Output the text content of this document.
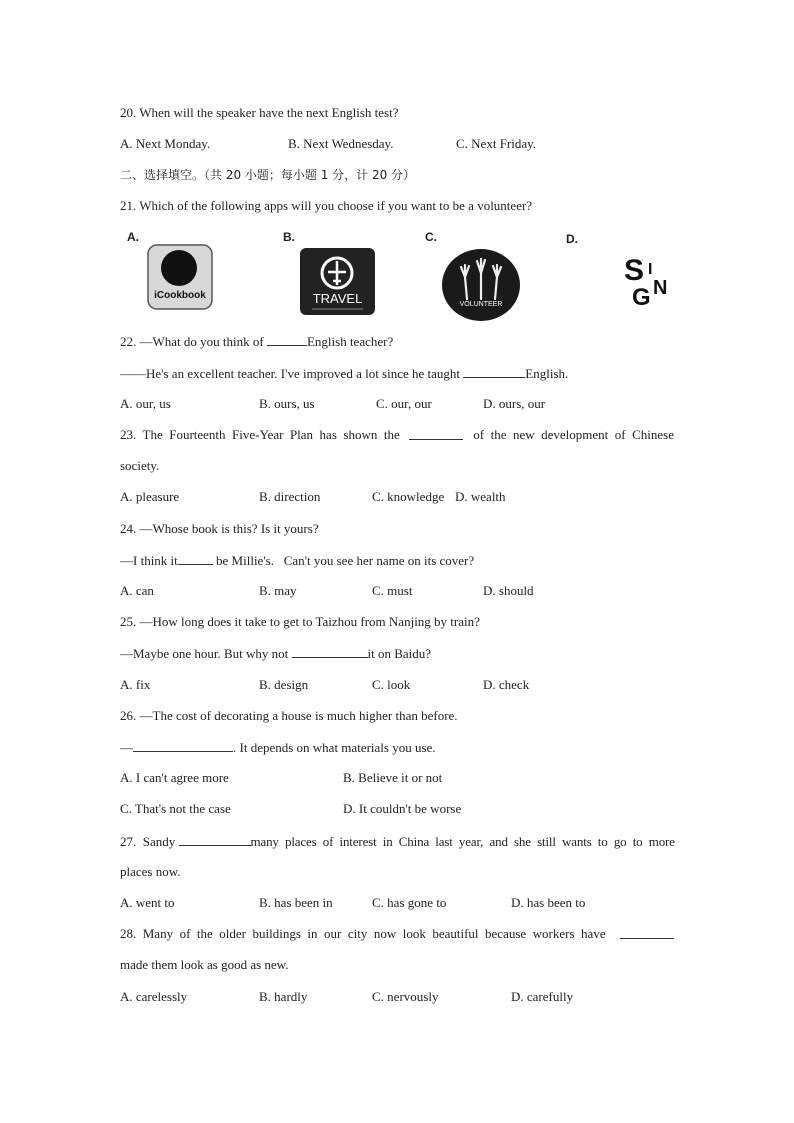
20. When will the speaker have the next English test?
A. Next Monday.	B. Next Wednesday.	C. Next Friday.
二、选择填空。（共 20 小题；每小题 1 分，计 20 分）
21. Which of the following apps will you choose if you want to be a volunteer?
A.	B.	C.	D.
iCookbook	TRAVEL	VOLUNTEER
S I
N
G
22. —What do you think of	English teacher?
——He's an excellent teacher. I've improved a lot since he taught	English.
A. our, us	B. ours, us	C. our, our	D. ours, our
23.  The  Fourteenth  Five-Year  Plan  has  shown  the	of  the  new  development  of  Chinese
society.
A. pleasure	B. direction	C. knowledge D. wealth
24. —Whose book is this? Is it yours?
—I think it	be Millie's.   Can't you see her name on its cover?
A. can	B. may	C. must	D. should
25. —How long does it take to get to Taizhou from Nanjing by train?
—Maybe one hour. But why not	it on Baidu?
A. fix	B. design	C. look	D. check
26. —The cost of decorating a house is much higher than before.
—	. It depends on what materials you use.
A. I can't agree more	B. Believe it or not
C. That's not the case	D. It couldn't be worse
27.  Sandy	many  places  of  interest  in  China  last  year,  and  she  still  wants  to  go  to  more
places now.
A. went to	B. has been in	C. has gone to	D. has been to
28.  Many  of  the  older  buildings  in  our  city  now  look  beautiful  because  workers  have
made them look as good as new.
A. carelessly	B. hardly	C. nervously	D. carefully
